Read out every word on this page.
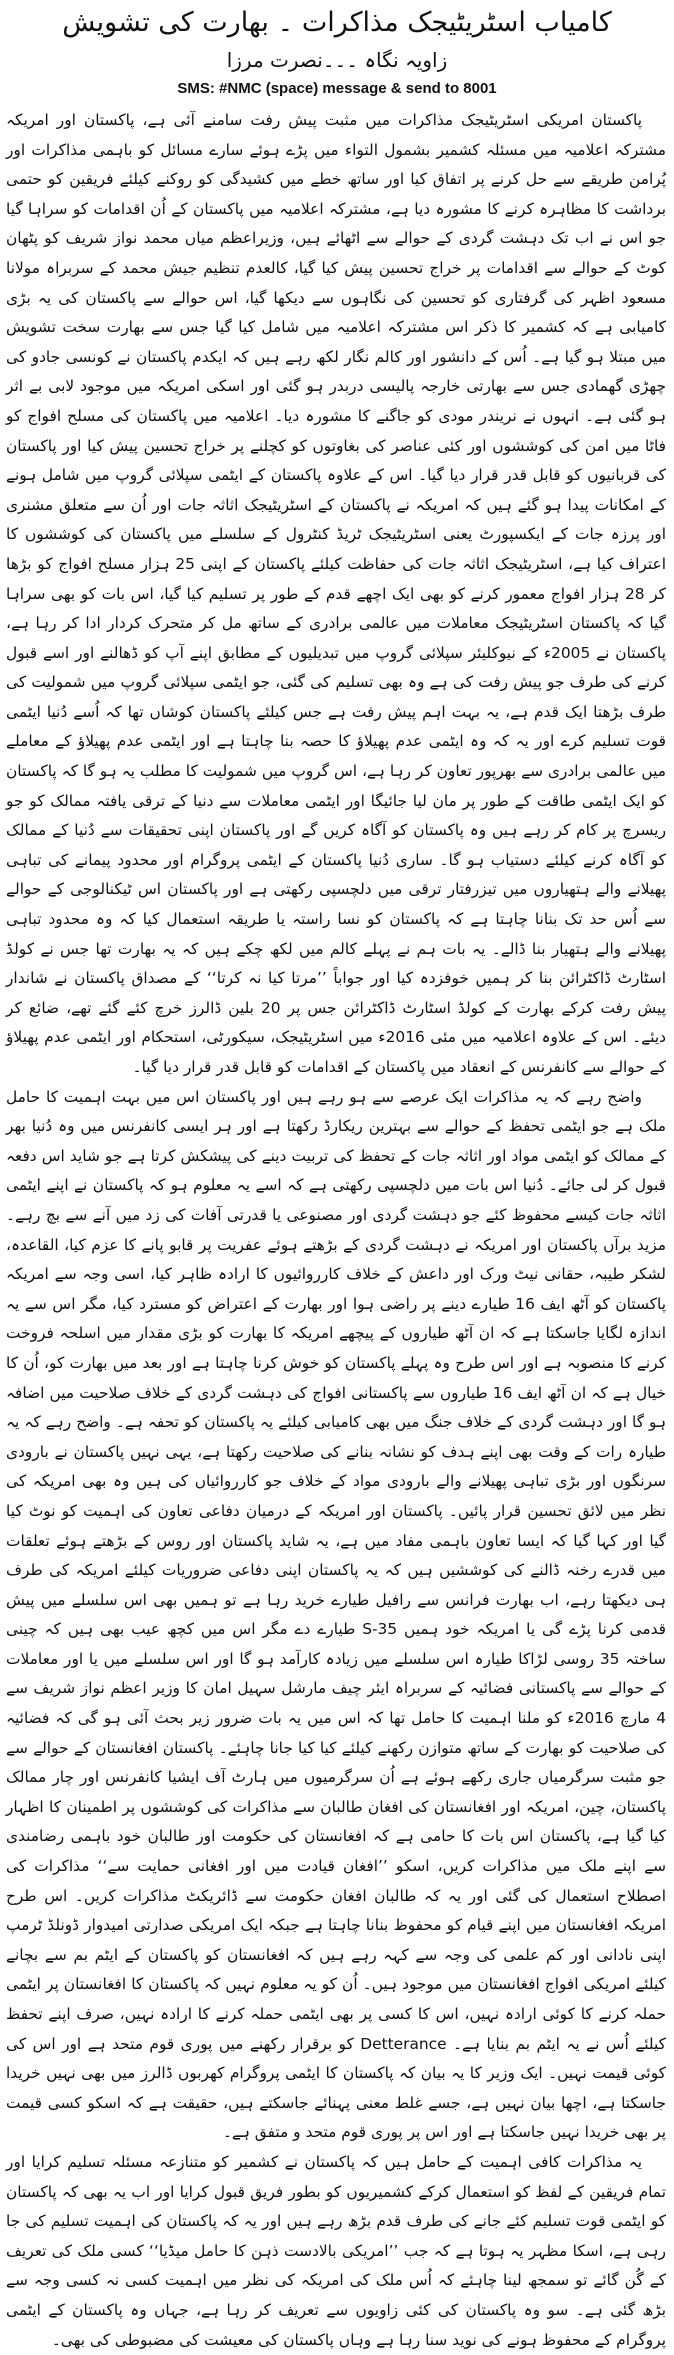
کامیاب اسٹریٹیجک مذاکرات ۔ بھارت کی تشویش
زاویہ نگاہ ۔۔۔نصرت مرزا
SMS: #NMC (space) message & send to 8001

پاکستان امریکی اسٹریٹیجک مذاکرات میں مثبت پیش رفت سامنے آئی ہے، پاکستان اور امریکہ مشترکہ اعلامیہ میں مسئلہ کشمیر بشمول التواء میں پڑے ہوئے سارے مسائل کو باہمی مذاکرات اور پُرامن طریقے سے حل کرنے پر اتفاق کیا اور ساتھ خطے میں کشیدگی کو روکنے کیلئے فریقین کو حتمی برداشت کا مظاہرہ کرنے کا مشورہ دیا ہے، مشترکہ اعلامیہ میں پاکستان کے اُن اقدامات کو سراہا گیا جو اس نے اب تک دہشت گردی کے حوالے سے اٹھائے ہیں، وزیراعظم میاں محمد نواز شریف کو پٹھان کوٹ کے حوالے سے اقدامات پر خراج تحسین پیش کیا گیا، کالعدم تنظیم جیش محمد کے سربراہ مولانا مسعود اظہر کی گرفتاری کو تحسین کی نگاہوں سے دیکھا گیا، اس حوالے سے پاکستان کی یہ بڑی کامیابی ہے کہ کشمیر کا ذکر اس مشترکہ اعلامیہ میں شامل کیا گیا جس سے بھارت سخت تشویش میں مبتلا ہو گیا ہے۔ اُس کے دانشور اور کالم نگار لکھ رہے ہیں کہ ایکدم پاکستان نے کونسی جادو کی چھڑی گھمادی جس سے بھارتی خارجہ پالیسی دربدر ہو گئی اور اسکی امریکہ میں موجود لابی بے اثر ہو گئی ہے۔ انہوں نے نریندر مودی کو جاگنے کا مشورہ دیا۔ اعلامیہ میں پاکستان کی مسلح افواج کو فاٹا میں امن کی کوششوں اور کئی عناصر کی بغاوتوں کو کچلنے پر خراج تحسین پیش کیا اور پاکستان کی قربانیوں کو قابل قدر قرار دیا گیا۔ اس کے علاوہ پاکستان کے ایٹمی سپلائی گروپ میں شامل ہونے کے امکانات پیدا ہو گئے ہیں کہ امریکہ نے پاکستان کے اسٹریٹیجک اثاثہ جات اور اُن سے متعلق مشنری اور پرزہ جات کے ایکسپورٹ یعنی اسٹریٹیجک ٹریڈ کنٹرول کے سلسلے میں پاکستان کی کوششوں کا اعتراف کیا ہے، اسٹریٹیجک اثاثہ جات کی حفاظت کیلئے پاکستان کے اپنی 25 ہزار مسلح افواج کو بڑھا کر 28 ہزار افواج معمور کرنے کو بھی ایک اچھے قدم کے طور پر تسلیم کیا گیا، اس بات کو بھی سراہا گیا کہ پاکستان اسٹریٹیجک معاملات میں عالمی برادری کے ساتھ مل کر متحرک کردار ادا کر رہا ہے، پاکستان نے 2005ء کے نیوکلیئر سپلائی گروپ میں تبدیلیوں کے مطابق اپنے آپ کو ڈھالنے اور اسے قبول کرنے کی طرف جو پیش رفت کی ہے وہ بھی تسلیم کی گئی، جو ایٹمی سپلائی گروپ میں شمولیت کی طرف بڑھتا ایک قدم ہے، یہ بہت اہم پیش رفت ہے جس کیلئے پاکستان کوشاں تھا کہ اُسے دُنیا ایٹمی قوت تسلیم کرے اور یہ کہ وہ ایٹمی عدم پھیلاؤ کا حصہ بنا چاہتا ہے اور ایٹمی عدم پھیلاؤ کے معاملے میں عالمی برادری سے بھرپور تعاون کر رہا ہے، اس گروپ میں شمولیت کا مطلب یہ ہو گا کہ پاکستان کو ایک ایٹمی طاقت کے طور پر مان لیا جائیگا اور ایٹمی معاملات سے دنیا کے ترقی یافتہ ممالک کو جو ریسرچ پر کام کر رہے ہیں وہ پاکستان کو آگاہ کریں گے اور پاکستان اپنی تحقیقات سے دُنیا کے ممالک کو آگاہ کرنے کیلئے دستیاب ہو گا۔ ساری دُنیا پاکستان کے ایٹمی پروگرام اور محدود پیمانے کی تباہی پھیلانے والے ہتھیاروں میں تیزرفتار ترقی میں دلچسپی رکھتی ہے اور پاکستان اس ٹیکنالوجی کے حوالے سے اُس حد تک بنانا چاہتا ہے کہ پاکستان کو نسا راستہ یا طریقہ استعمال کیا کہ وہ محدود تباہی پھیلانے والے ہتھیار بنا ڈالے۔ یہ بات ہم نے پہلے کالم میں لکھ چکے ہیں کہ یہ بھارت تھا جس نے کولڈ اسٹارٹ ڈاکٹرائن بنا کر ہمیں خوفزدہ کیا اور جواباً ’’مرتا کیا نہ کرتا‘‘ کے مصداق پاکستان نے شاندار پیش رفت کرکے بھارت کے کولڈ اسٹارٹ ڈاکٹرائن جس پر 20 بلین ڈالرز خرچ کئے گئے تھے، ضائع کر دیئے۔ اس کے علاوہ اعلامیہ میں مئی 2016ء میں اسٹریٹیجک، سیکورٹی، استحکام اور ایٹمی عدم پھیلاؤ کے حوالے سے کانفرنس کے انعقاد میں پاکستان کے اقدامات کو قابل قدر قرار دیا گیا۔

واضح رہے کہ یہ مذاکرات ایک عرصے سے ہو رہے ہیں اور پاکستان اس میں بہت اہمیت کا حامل ملک ہے جو ایٹمی تحفظ کے حوالے سے بہترین ریکارڈ رکھتا ہے اور ہر ایسی کانفرنس میں وہ دُنیا بھر کے ممالک کو ایٹمی مواد اور اثاثہ جات کے تحفظ کی تربیت دینے کی پیشکش کرتا ہے جو شاید اس دفعہ قبول کر لی جائے۔ دُنیا اس بات میں دلچسپی رکھتی ہے کہ اسے یہ معلوم ہو کہ پاکستان نے اپنے ایٹمی اثاثہ جات کیسے محفوظ کئے جو دہشت گردی اور مصنوعی یا قدرتی آفات کی زد میں آنے سے بچ رہے۔ مزید برآں پاکستان اور امریکہ نے دہشت گردی کے بڑھتے ہوئے عفریت پر قابو پانے کا عزم کیا، القاعدہ، لشکر طیبہ، حقانی نیٹ ورک اور داعش کے خلاف کارروائیوں کا ارادہ ظاہر کیا، اسی وجہ سے امریکہ پاکستان کو آٹھ ایف 16 طیارے دینے پر راضی ہوا اور بھارت کے اعتراض کو مسترد کیا، مگر اس سے یہ اندازہ لگایا جاسکتا ہے کہ ان آٹھ طیاروں کے پیچھے امریکہ کا بھارت کو بڑی مقدار میں اسلحہ فروخت کرنے کا منصوبہ ہے اور اس طرح وہ پہلے پاکستان کو خوش کرنا چاہتا ہے اور بعد میں بھارت کو، اُن کا خیال ہے کہ ان آٹھ ایف 16 طیاروں سے پاکستانی افواج کی دہشت گردی کے خلاف صلاحیت میں اضافہ ہو گا اور دہشت گردی کے خلاف جنگ میں بھی کامیابی کیلئے یہ پاکستان کو تحفہ ہے۔ واضح رہے کہ یہ طیارہ رات کے وقت بھی اپنے ہدف کو نشانہ بنانے کی صلاحیت رکھتا ہے، یہی نہیں پاکستان نے بارودی سرنگوں اور بڑی تباہی پھیلانے والے بارودی مواد کے خلاف جو کارروائیاں کی ہیں وہ بھی امریکہ کی نظر میں لائق تحسین قرار پائیں۔ پاکستان اور امریکہ کے درمیان دفاعی تعاون کی اہمیت کو نوٹ کیا گیا اور کہا گیا کہ ایسا تعاون باہمی مفاد میں ہے، یہ شاید پاکستان اور روس کے بڑھتے ہوئے تعلقات میں قدرے رخنہ ڈالنے کی کوششیں ہیں کہ یہ پاکستان اپنی دفاعی ضروریات کیلئے امریکہ کی طرف ہی دیکھتا رہے، اب بھارت فرانس سے رافیل طیارے خرید رہا ہے تو ہمیں بھی اس سلسلے میں پیش قدمی کرنا پڑے گی یا امریکہ خود ہمیں S-35 طیارے دے مگر اس میں کچھ عیب بھی ہیں کہ چینی ساختہ 35 روسی لڑاکا طیارہ اس سلسلے میں زیادہ کارآمد ہو گا اور اس سلسلے میں یا اور معاملات کے حوالے سے پاکستانی فضائیہ کے سربراہ ایئر چیف مارشل سہیل امان کا وزیر اعظم نواز شریف سے 4 مارچ 2016ء کو ملنا اہمیت کا حامل تھا کہ اس میں یہ بات ضرور زیر بحث آئی ہو گی کہ فضائیہ کی صلاحیت کو بھارت کے ساتھ متوازن رکھنے کیلئے کیا کیا جانا چاہئے۔ پاکستان افغانستان کے حوالے سے جو مثبت سرگرمیاں جاری رکھے ہوئے ہے اُن سرگرمیوں میں ہارٹ آف ایشیا کانفرنس اور چار ممالک پاکستان، چین، امریکہ اور افغانستان کی افغان طالبان سے مذاکرات کی کوششوں پر اطمینان کا اظہار کیا گیا ہے، پاکستان اس بات کا حامی ہے کہ افغانستان کی حکومت اور طالبان خود باہمی رضامندی سے اپنے ملک میں مذاکرات کریں، اسکو ’’افغان قیادت میں اور افغانی حمایت سے‘‘ مذاکرات کی اصطلاح استعمال کی گئی اور یہ کہ طالبان افغان حکومت سے ڈائریکٹ مذاکرات کریں۔ اس طرح امریکہ افغانستان میں اپنے قیام کو محفوظ بنانا چاہتا ہے جبکہ ایک امریکی صدارتی امیدوار ڈونلڈ ٹرمپ اپنی نادانی اور کم علمی کی وجہ سے کہہ رہے ہیں کہ افغانستان کو پاکستان کے ایٹم بم سے بچانے کیلئے امریکی افواج افغانستان میں موجود ہیں۔ اُن کو یہ معلوم نہیں کہ پاکستان کا افغانستان پر ایٹمی حملہ کرنے کا کوئی ارادہ نہیں، اس کا کسی پر بھی ایٹمی حملہ کرنے کا ارادہ نہیں، صرف اپنے تحفظ کیلئے اُس نے یہ ایٹم بم بنایا ہے۔ Detterance کو برقرار رکھنے میں پوری قوم متحد ہے اور اس کی کوئی قیمت نہیں۔ ایک وزیر کا یہ بیان کہ پاکستان کا ایٹمی پروگرام کھربوں ڈالرز میں بھی نہیں خریدا جاسکتا ہے، اچھا بیان نہیں ہے، جسے غلط معنی پہنائے جاسکتے ہیں، حقیقت ہے کہ اسکو کسی قیمت پر بھی خریدا نہیں جاسکتا ہے اور اس پر پوری قوم متحد و متفق ہے۔

یہ مذاکرات کافی اہمیت کے حامل ہیں کہ پاکستان نے کشمیر کو متنازعہ مسئلہ تسلیم کرایا اور تمام فریقین کے لفظ کو استعمال کرکے کشمیریوں کو بطور فریق قبول کرایا اور اب یہ بھی کہ پاکستان کو ایٹمی قوت تسلیم کئے جانے کی طرف قدم بڑھ رہے ہیں اور یہ کہ پاکستان کی اہمیت تسلیم کی جا رہی ہے، اسکا مظہر یہ ہوتا ہے کہ جب ’’امریکی بالادست ذہن کا حامل میڈیا‘‘ کسی ملک کی تعریف کے گُن گائے تو سمجھ لینا چاہئے کہ اُس ملک کی امریکہ کی نظر میں اہمیت کسی نہ کسی وجہ سے بڑھ گئی ہے۔ سو وہ پاکستان کی کئی زاویوں سے تعریف کر رہا ہے، جہاں وہ پاکستان کے ایٹمی پروگرام کے محفوظ ہونے کی نوید سنا رہا ہے وہاں پاکستان کی معیشت کی مضبوطی کی بھی۔
